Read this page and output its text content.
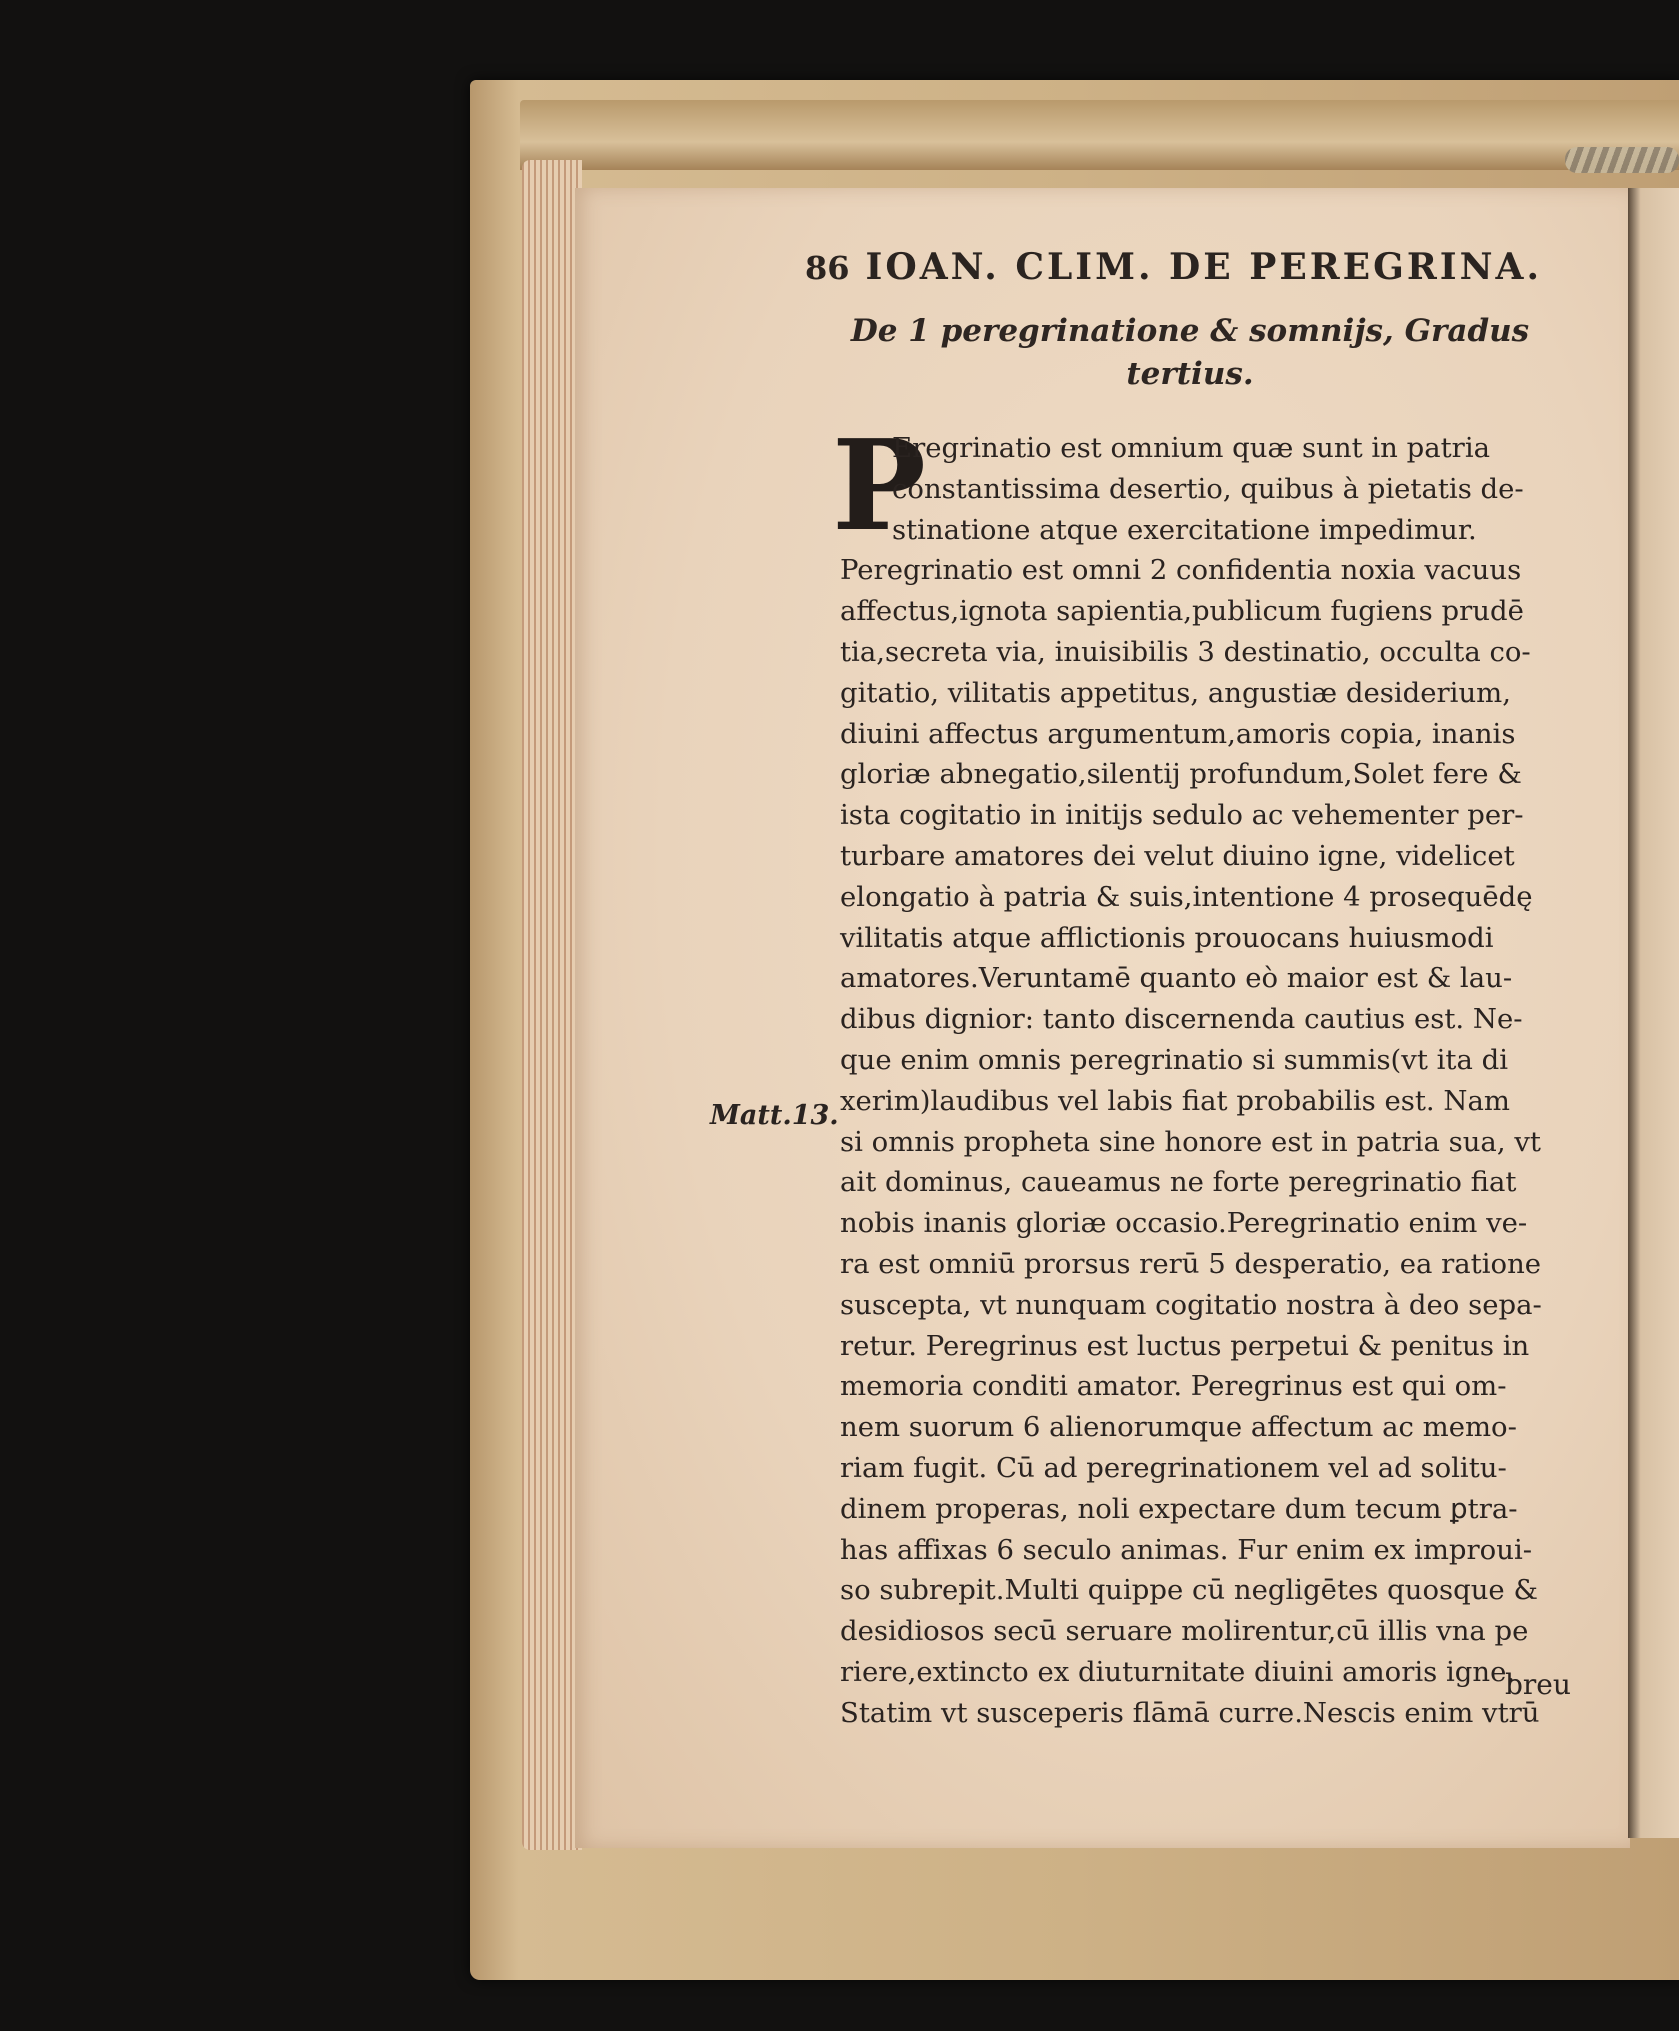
86 IOAN. CLIM. DE PEREGRINA.
De 1 peregrinatione & somnijs, Gradus
tertius.
P
Eregrinatio est omnium quæ sunt in patria
constantissima desertio, quibus à pietatis de-
stinatione atque exercitatione impedimur.
Peregrinatio est omni 2 confidentia noxia vacuus
affectus,ignota sapientia,publicum fugiens prudē
tia,secreta via, inuisibilis 3 destinatio, occulta co-
gitatio, vilitatis appetitus, angustiæ desiderium,
diuini affectus argumentum,amoris copia, inanis
gloriæ abnegatio,silentij profundum,Solet fere &
ista cogitatio in initijs sedulo ac vehementer per-
turbare amatores dei velut diuino igne, videlicet
elongatio à patria & suis,intentione 4 prosequēdę
vilitatis atque afflictionis prouocans huiusmodi
amatores.Veruntamē quanto eò maior est & lau-
dibus dignior: tanto discernenda cautius est. Ne-
que enim omnis peregrinatio si summis(vt ita di
xerim)laudibus vel labis fiat probabilis est. Nam
si omnis propheta sine honore est in patria sua, vt
ait dominus, caueamus ne forte peregrinatio fiat
nobis inanis gloriæ occasio.Peregrinatio enim ve-
ra est omniū prorsus rerū 5 desperatio, ea ratione
suscepta, vt nunquam cogitatio nostra à deo sepa-
retur. Peregrinus est luctus perpetui & penitus in
memoria conditi amator. Peregrinus est qui om-
nem suorum 6 alienorumque affectum ac memo-
riam fugit. Cū ad peregrinationem vel ad solitu-
dinem properas, noli expectare dum tecum ꝑtra-
has affixas 6 seculo animas. Fur enim ex improui-
so subrepit.Multi quippe cū negligētes quosque &
desidiosos secū seruare molirentur,cū illis vna pe
riere,extincto ex diuturnitate diuini amoris igne.
Statim vt susceperis flāmā curre.Nescis enim vtrū
Matt.13.
breu
